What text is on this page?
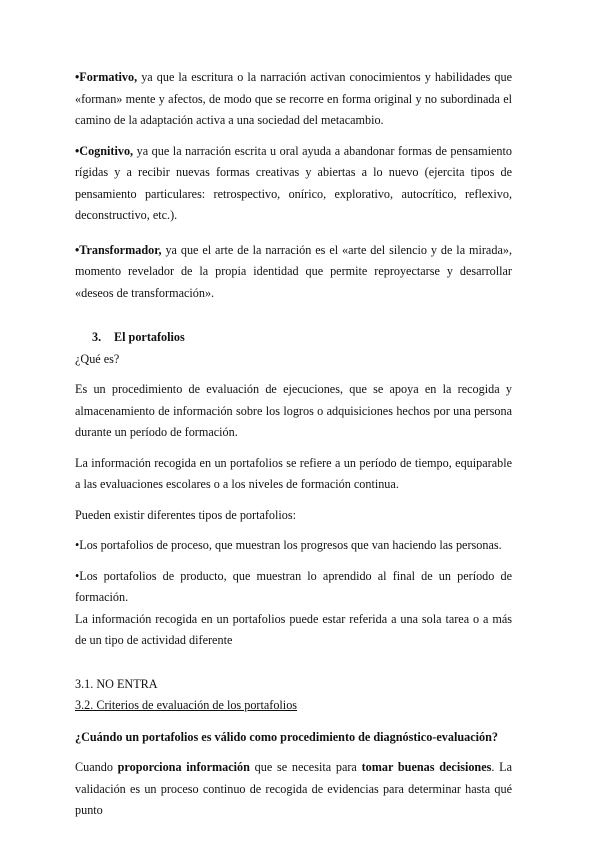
•Formativo, ya que la escritura o la narración activan conocimientos y habilidades que «forman» mente y afectos, de modo que se recorre en forma original y no subordinada el camino de la adaptación activa a una sociedad del metacambio.

•Cognitivo, ya que la narración escrita u oral ayuda a abandonar formas de pensamiento rígidas y a recibir nuevas formas creativas y abiertas a lo nuevo (ejercita tipos de pensamiento particulares: retrospectivo, onírico, explorativo, autocrítico, reflexivo, deconstructivo, etc.).

•Transformador, ya que el arte de la narración es el «arte del silencio y de la mirada», momento revelador de la propia identidad que permite reproyectarse y desarrollar «deseos de transformación».

3. El portafolios

¿Qué es?

Es un procedimiento de evaluación de ejecuciones, que se apoya en la recogida y almacenamiento de información sobre los logros o adquisiciones hechos por una persona durante un período de formación.

La información recogida en un portafolios se refiere a un período de tiempo, equiparable a las evaluaciones escolares o a los niveles de formación continua.

Pueden existir diferentes tipos de portafolios:

•Los portafolios de proceso, que muestran los progresos que van haciendo las personas.

•Los portafolios de producto, que muestran lo aprendido al final de un período de formación.

La información recogida en un portafolios puede estar referida a una sola tarea o a más de un tipo de actividad diferente

3.1. NO ENTRA

3.2. Criterios de evaluación de los portafolios

¿Cuándo un portafolios es válido como procedimiento de diagnóstico-evaluación?

Cuando proporciona información que se necesita para tomar buenas decisiones. La validación es un proceso continuo de recogida de evidencias para determinar hasta qué punto
